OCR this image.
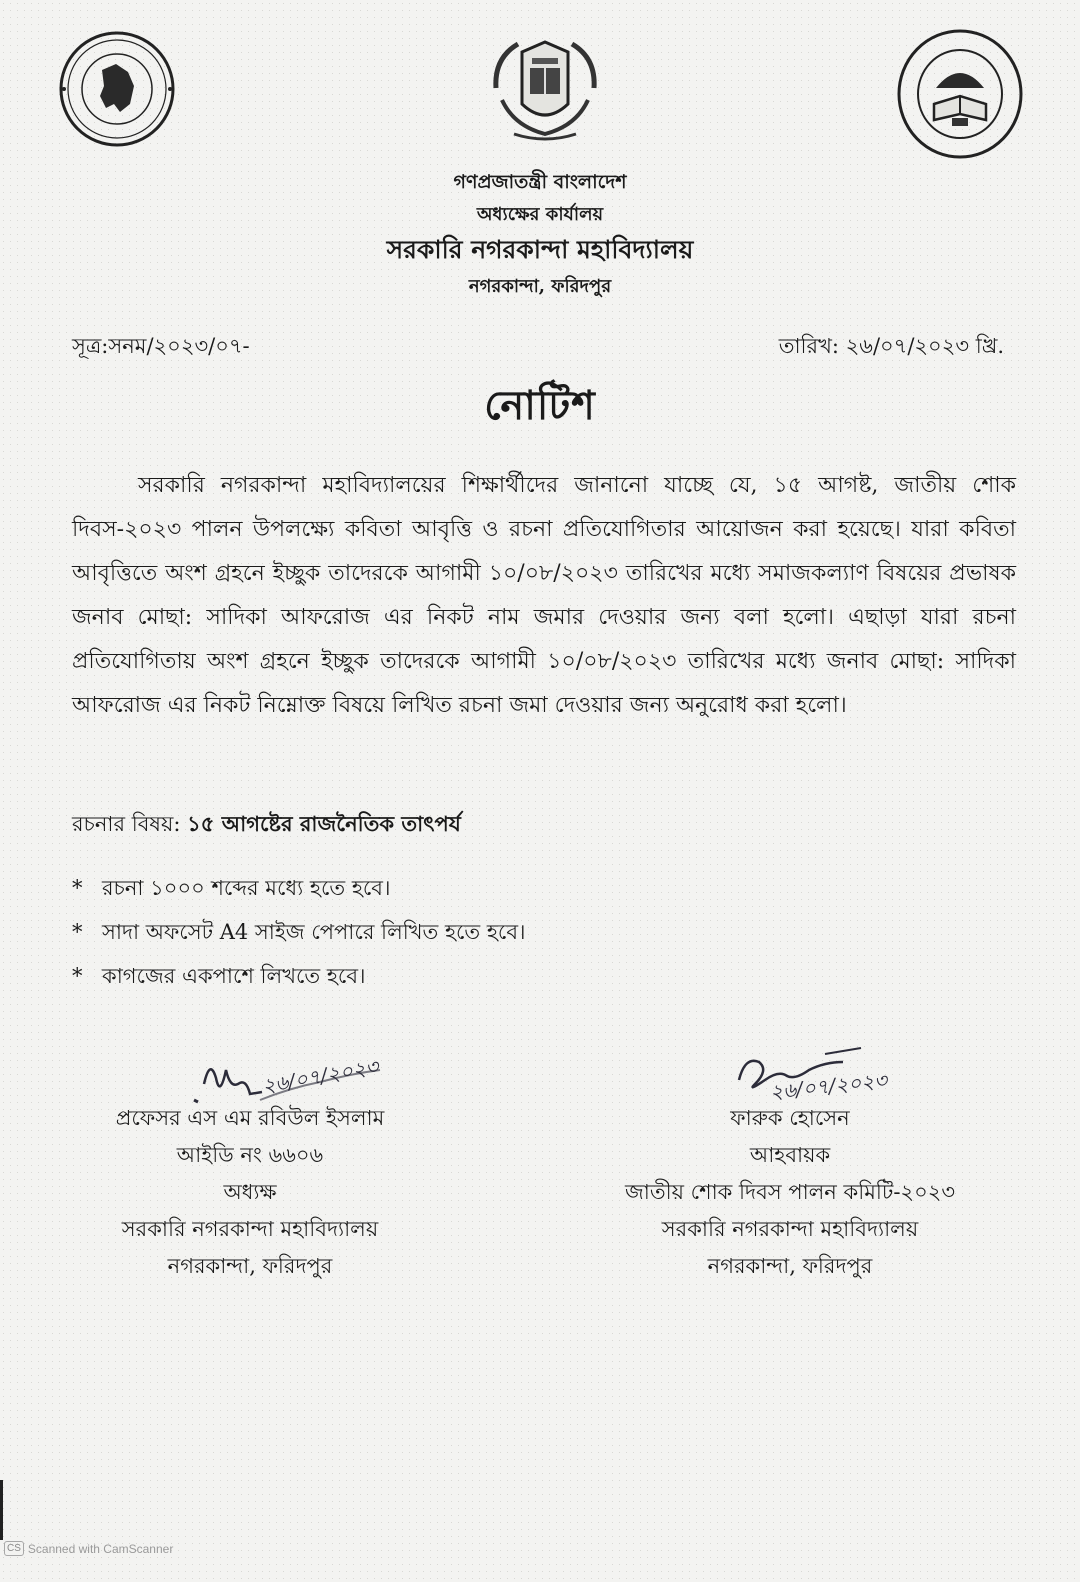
গণপ্রজাতন্ত্রী বাংলাদেশ
অধ্যক্ষের কার্যালয়
সরকারি নগরকান্দা মহাবিদ্যালয়
নগরকান্দা, ফরিদপুর
সূত্র:সনম/২০২৩/০৭-	তারিখ: ২৬/০৭/২০২৩ খ্রি.
নোটিশ

সরকারি নগরকান্দা মহাবিদ্যালয়ের শিক্ষার্থীদের জানানো যাচ্ছে যে, ১৫ আগষ্ট, জাতীয় শোক দিবস-২০২৩ পালন উপলক্ষ্যে কবিতা আবৃত্তি ও রচনা প্রতিযোগিতার আয়োজন করা হয়েছে। যারা কবিতা আবৃত্তিতে অংশ গ্রহনে ইচ্ছুক তাদেরকে আগামী ১০/০৮/২০২৩ তারিখের মধ্যে সমাজকল্যাণ বিষয়ের প্রভাষক জনাব মোছা: সাদিকা আফরোজ এর নিকট নাম জমার দেওয়ার জন্য বলা হলো। এছাড়া যারা রচনা প্রতিযোগিতায় অংশ গ্রহনে ইচ্ছুক তাদেরকে আগামী ১০/০৮/২০২৩ তারিখের মধ্যে জনাব মোছা: সাদিকা আফরোজ এর নিকট নিম্নোক্ত বিষয়ে লিখিত রচনা জমা দেওয়ার জন্য অনুরোধ করা হলো।

রচনার বিষয়: ১৫ আগষ্টের রাজনৈতিক তাৎপর্য
* রচনা ১০০০ শব্দের মধ্যে হতে হবে।
* সাদা অফসেট A4 সাইজ পেপারে লিখিত হতে হবে।
* কাগজের একপাশে লিখতে হবে।
২৬/০৭/২০২৩	২৬/০৭/২০২৩
প্রফেসর এস এম রবিউল ইসলাম
আইডি নং ৬৬০৬
অধ্যক্ষ
সরকারি নগরকান্দা মহাবিদ্যালয়
নগরকান্দা, ফরিদপুর
ফারুক হোসেন
আহবায়ক
জাতীয় শোক দিবস পালন কমিটি-২০২৩
সরকারি নগরকান্দা মহাবিদ্যালয়
নগরকান্দা, ফরিদপুর
CS Scanned with CamScanner
